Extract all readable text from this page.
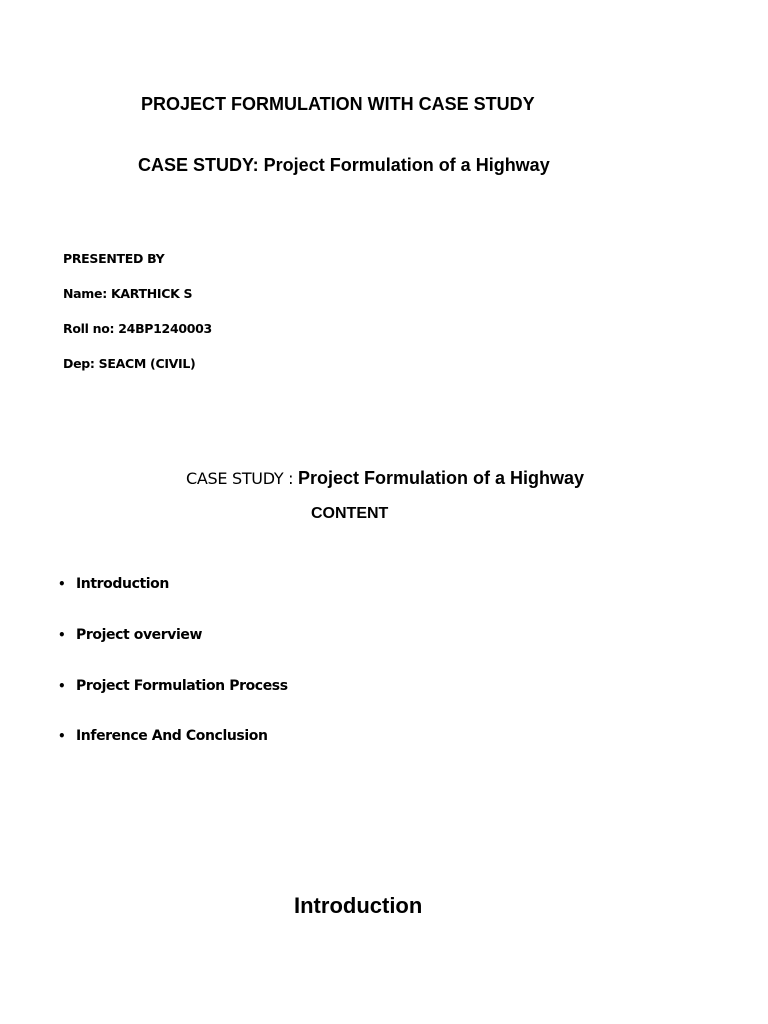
PROJECT FORMULATION WITH CASE STUDY
CASE STUDY: Project Formulation of a Highway
PRESENTED BY
Name: KARTHICK S
Roll no: 24BP1240003
Dep: SEACM (CIVIL)
CASE STUDY : Project Formulation of a Highway
CONTENT
• Introduction
• Project overview
• Project Formulation Process
• Inference And Conclusion
Introduction
